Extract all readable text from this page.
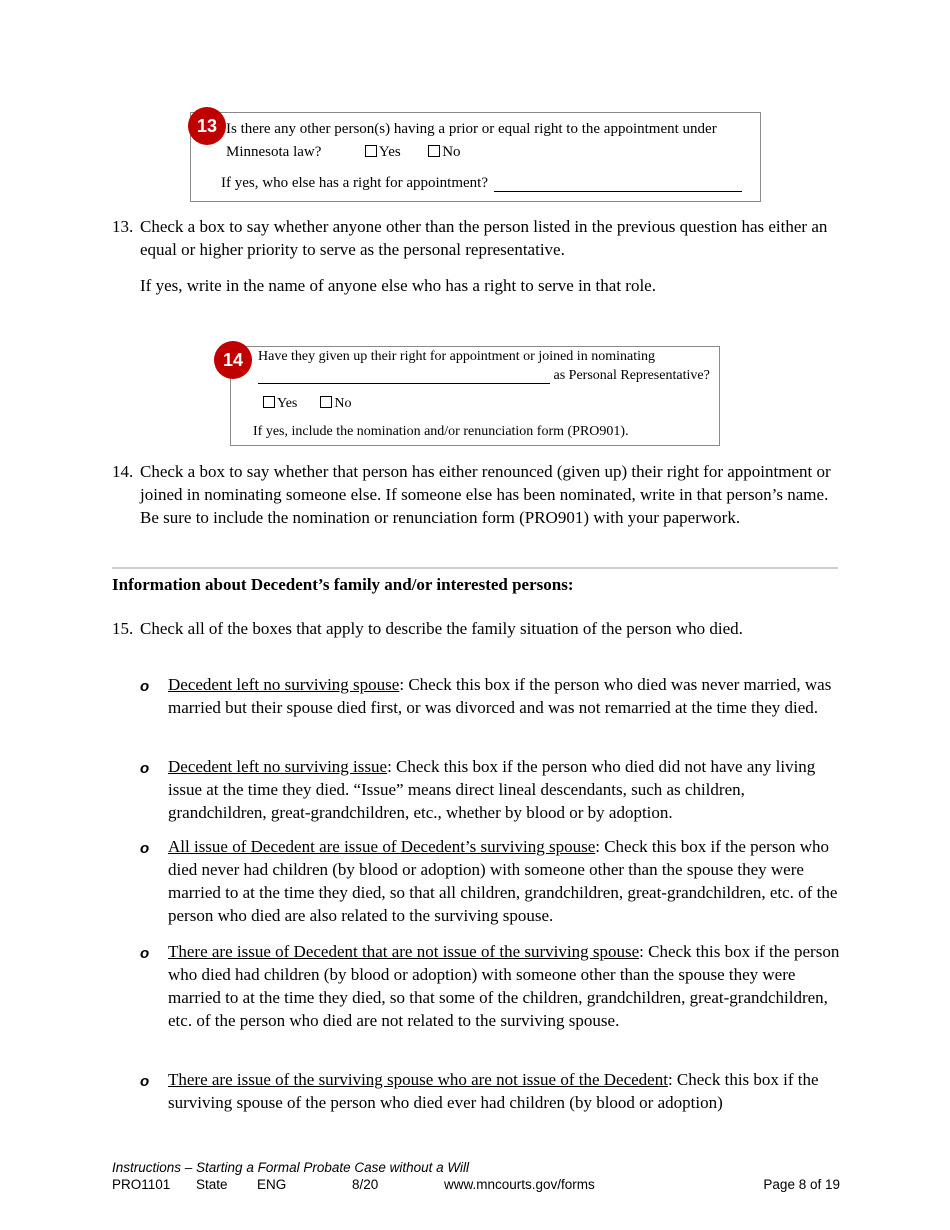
Is there any other person(s) having a prior or equal right to the appointment under
Minnesota law?	Yes	No
If yes, who else has a right for appointment?
13
13. Check a box to say whether anyone other than the person listed in the previous question has either an equal or higher priority to serve as the personal representative.
If yes, write in the name of anyone else who has a right to serve in that role.
Have they given up their right for appointment or joined in nominating
as Personal Representative?
Yes	No
If yes, include the nomination and/or renunciation form (PRO901).
14
14. Check a box to say whether that person has either renounced (given up) their right for appointment or joined in nominating someone else. If someone else has been nominated, write in that person’s name. Be sure to include the nomination or renunciation form (PRO901) with your paperwork.
Information about Decedent’s family and/or interested persons:
15. Check all of the boxes that apply to describe the family situation of the person who died.
o Decedent left no surviving spouse: Check this box if the person who died was never married, was married but their spouse died first, or was divorced and was not remarried at the time they died.
o Decedent left no surviving issue: Check this box if the person who died did not have any living issue at the time they died. “Issue” means direct lineal descendants, such as children, grandchildren, great-grandchildren, etc., whether by blood or by adoption.
o All issue of Decedent are issue of Decedent’s surviving spouse: Check this box if the person who died never had children (by blood or adoption) with someone other than the spouse they were married to at the time they died, so that all children, grandchildren, great-grandchildren, etc. of the person who died are also related to the surviving spouse.
o There are issue of Decedent that are not issue of the surviving spouse: Check this box if the person who died had children (by blood or adoption) with someone other than the spouse they were married to at the time they died, so that some of the children, grandchildren, great-grandchildren, etc. of the person who died are not related to the surviving spouse.
o There are issue of the surviving spouse who are not issue of the Decedent: Check this box if the surviving spouse of the person who died ever had children (by blood or adoption)
Instructions – Starting a Formal Probate Case without a Will
PRO1101 State ENG	8/20	www.mncourts.gov/forms	Page 8 of 19
